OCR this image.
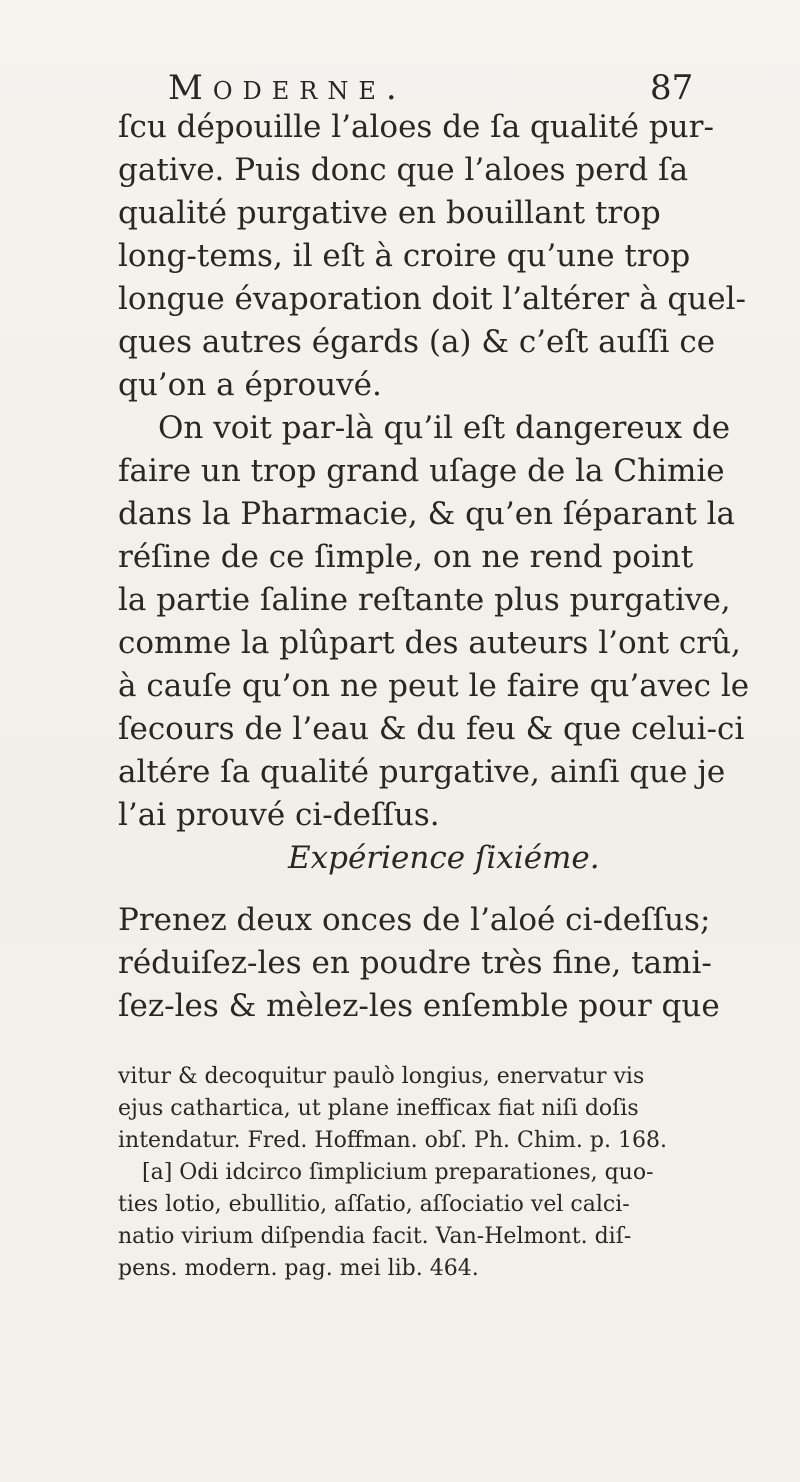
Moderne.	87
ſcu dépouille l’aloes de ſa qualité pur-
gative. Puis donc que l’aloes perd ſa
qualité purgative en bouillant trop
long-tems, il eſt à croire qu’une trop
longue évaporation doit l’altérer à quel-
ques autres égards (a) & c’eſt auſſi ce
qu’on a éprouvé.
On voit par-là qu’il eſt dangereux de
faire un trop grand uſage de la Chimie
dans la Pharmacie, & qu’en ſéparant la
réſine de ce ſimple, on ne rend point
la partie ſaline reſtante plus purgative,
comme la plûpart des auteurs l’ont crû,
à cauſe qu’on ne peut le faire qu’avec le
ſecours de l’eau & du feu & que celui-ci
altére ſa qualité purgative, ainſi que je
l’ai prouvé ci-deſſus.
Expérience ſixiéme.
Prenez deux onces de l’aloé ci-deſſus;
réduiſez-les en poudre très fine, tami-
ſez-les & mèlez-les enſemble pour que
vitur & decoquitur paulò longius, enervatur vis
ejus cathartica, ut plane inefficax fiat niſi doſis
intendatur. Fred. Hoffman. obſ. Ph. Chim. p. 168.
[a] Odi idcirco ſimplicium preparationes, quo-
ties lotio, ebullitio, aſſatio, aſſociatio vel calci-
natio virium diſpendia facit. Van-Helmont. diſ-
pens. modern. pag. mei lib. 464.
